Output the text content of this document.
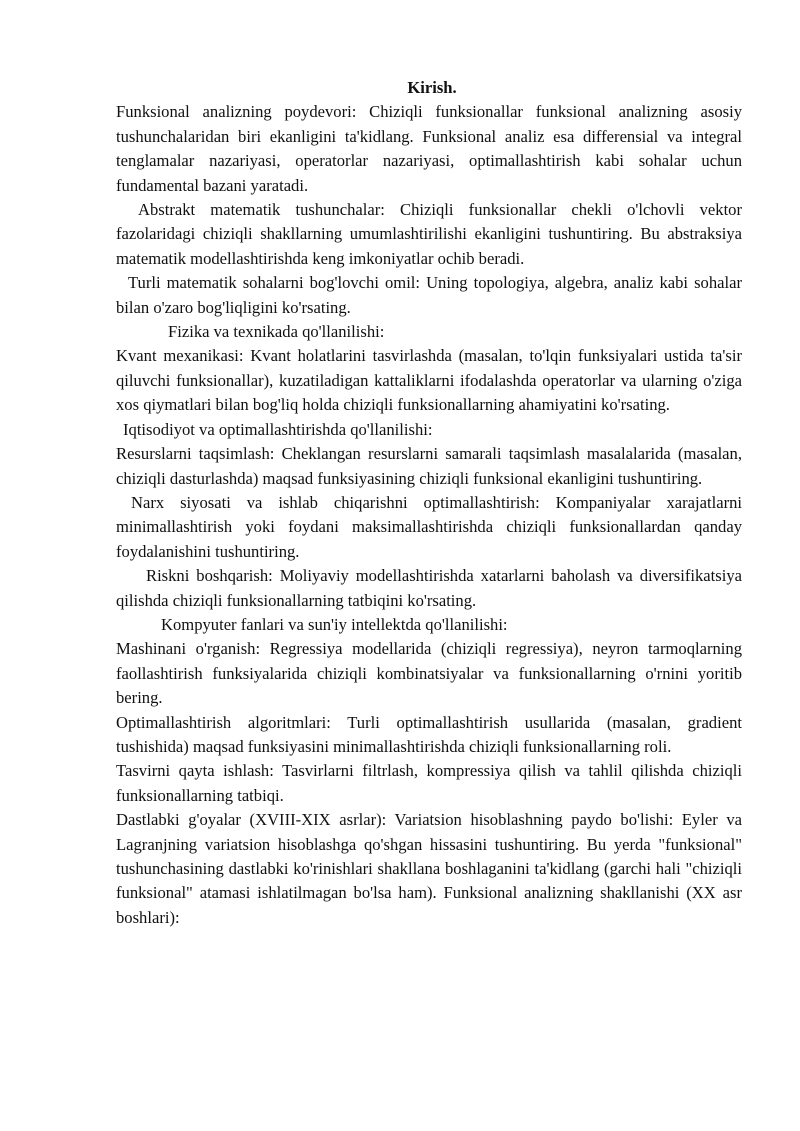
Kirish.

Funksional analizning poydevori: Chiziqli funksionallar funksional analizning asosiy tushunchalaridan biri ekanligini ta'kidlang. Funksional analiz esa differensial va integral tenglamalar nazariyasi, operatorlar nazariyasi, optimallashtirish kabi sohalar uchun fundamental bazani yaratadi.

Abstrakt matematik tushunchalar: Chiziqli funksionallar chekli o'lchovli vektor fazolaridagi chiziqli shakllarning umumlashtirilishi ekanligini tushuntiring. Bu abstraksiya matematik modellashtirishda keng imkoniyatlar ochib beradi.

Turli matematik sohalarni bog'lovchi omil: Uning topologiya, algebra, analiz kabi sohalar bilan o'zaro bog'liqligini ko'rsating.

Fizika va texnikada qo'llanilishi:

Kvant mexanikasi: Kvant holatlarini tasvirlashda (masalan, to'lqin funksiyalari ustida ta'sir qiluvchi funksionallar), kuzatiladigan kattaliklarni ifodalashda operatorlar va ularning o'ziga xos qiymatlari bilan bog'liq holda chiziqli funksionallarning ahamiyatini ko'rsating.

Iqtisodiyot va optimallashtirishda qo'llanilishi:

Resurslarni taqsimlash: Cheklangan resurslarni samarali taqsimlash masalalarida (masalan, chiziqli dasturlashda) maqsad funksiyasining chiziqli funksional ekanligini tushuntiring.

Narx siyosati va ishlab chiqarishni optimallashtirish: Kompaniyalar xarajatlarni minimallashtirish yoki foydani maksimallashtirishda chiziqli funksionallardan qanday foydalanishini tushuntiring.

Riskni boshqarish: Moliyaviy modellashtirishda xatarlarni baholash va diversifikatsiya qilishda chiziqli funksionallarning tatbiqini ko'rsating.

Kompyuter fanlari va sun'iy intellektda qo'llanilishi:

Mashinani o'rganish: Regressiya modellarida (chiziqli regressiya), neyron tarmoqlarning faollashtirish funksiyalarida chiziqli kombinatsiyalar va funksionallarning o'rnini yoritib bering.

Optimallashtirish algoritmlari: Turli optimallashtirish usullarida (masalan, gradient tushishida) maqsad funksiyasini minimallashtirishda chiziqli funksionallarning roli.

Tasvirni qayta ishlash: Tasvirlarni filtrlash, kompressiya qilish va tahlil qilishda chiziqli funksionallarning tatbiqi.

Dastlabki g'oyalar (XVIII-XIX asrlar): Variatsion hisoblashning paydo bo'lishi: Eyler va Lagranjning variatsion hisoblashga qo'shgan hissasini tushuntiring. Bu yerda "funksional" tushunchasining dastlabki ko'rinishlari shakllana boshlaganini ta'kidlang (garchi hali "chiziqli funksional" atamasi ishlatilmagan bo'lsa ham). Funksional analizning shakllanishi (XX asr boshlari):
